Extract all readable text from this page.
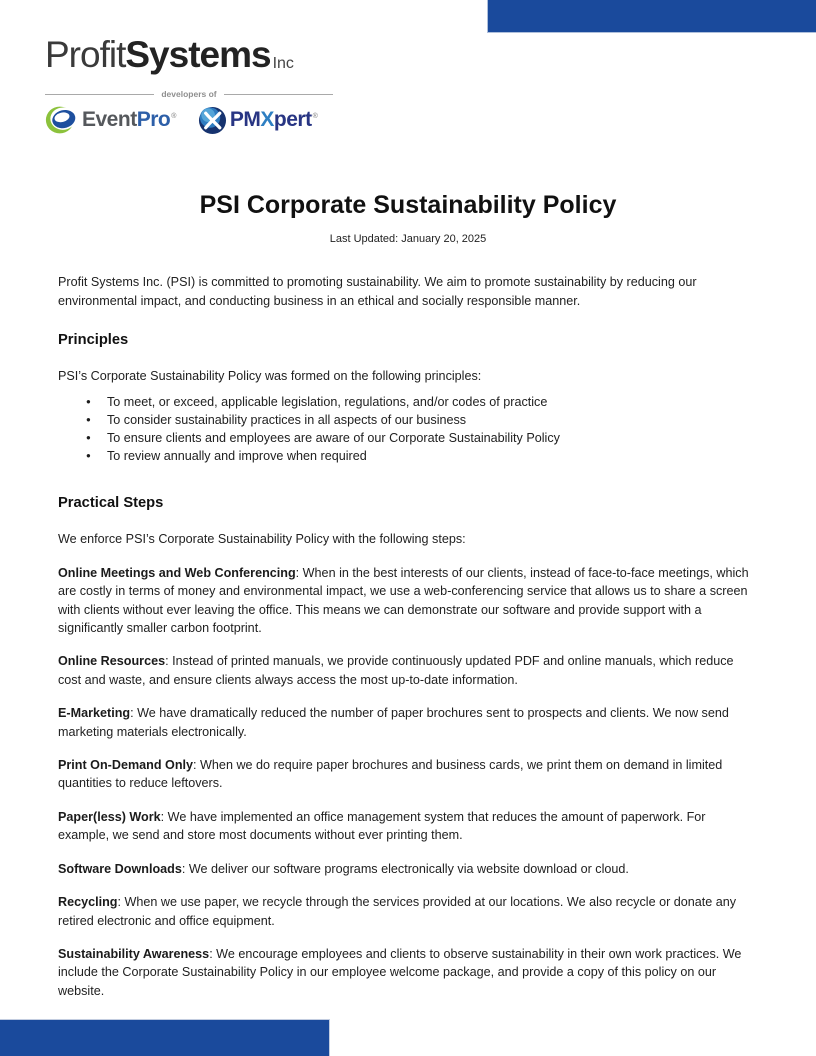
Profit Systems Inc
developers of
EventPro®	PMXpert®
PSI Corporate Sustainability Policy

Last Updated: January 20, 2025

Profit Systems Inc. (PSI) is committed to promoting sustainability. We aim to promote sustainability by reducing our environmental impact, and conducting business in an ethical and socially responsible manner.

Principles

PSI’s Corporate Sustainability Policy was formed on the following principles:

● To meet, or exceed, applicable legislation, regulations, and/or codes of practice
● To consider sustainability practices in all aspects of our business
● To ensure clients and employees are aware of our Corporate Sustainability Policy
● To review annually and improve when required
Practical Steps

We enforce PSI’s Corporate Sustainability Policy with the following steps:

Online Meetings and Web Conferencing: When in the best interests of our clients, instead of face-to-face meetings, which are costly in terms of money and environmental impact, we use a web-conferencing service that allows us to share a screen with clients without ever leaving the office. This means we can demonstrate our software and provide support with a significantly smaller carbon footprint.

Online Resources: Instead of printed manuals, we provide continuously updated PDF and online manuals, which reduce cost and waste, and ensure clients always access the most up-to-date information.

E-Marketing: We have dramatically reduced the number of paper brochures sent to prospects and clients. We now send marketing materials electronically.

Print On-Demand Only: When we do require paper brochures and business cards, we print them on demand in limited quantities to reduce leftovers.

Paper(less) Work: We have implemented an office management system that reduces the amount of paperwork. For example, we send and store most documents without ever printing them.

Software Downloads: We deliver our software programs electronically via website download or cloud.

Recycling: When we use paper, we recycle through the services provided at our locations. We also recycle or donate any retired electronic and office equipment.

Sustainability Awareness: We encourage employees and clients to observe sustainability in their own work practices. We include the Corporate Sustainability Policy in our employee welcome package, and provide a copy of this policy on our website.
